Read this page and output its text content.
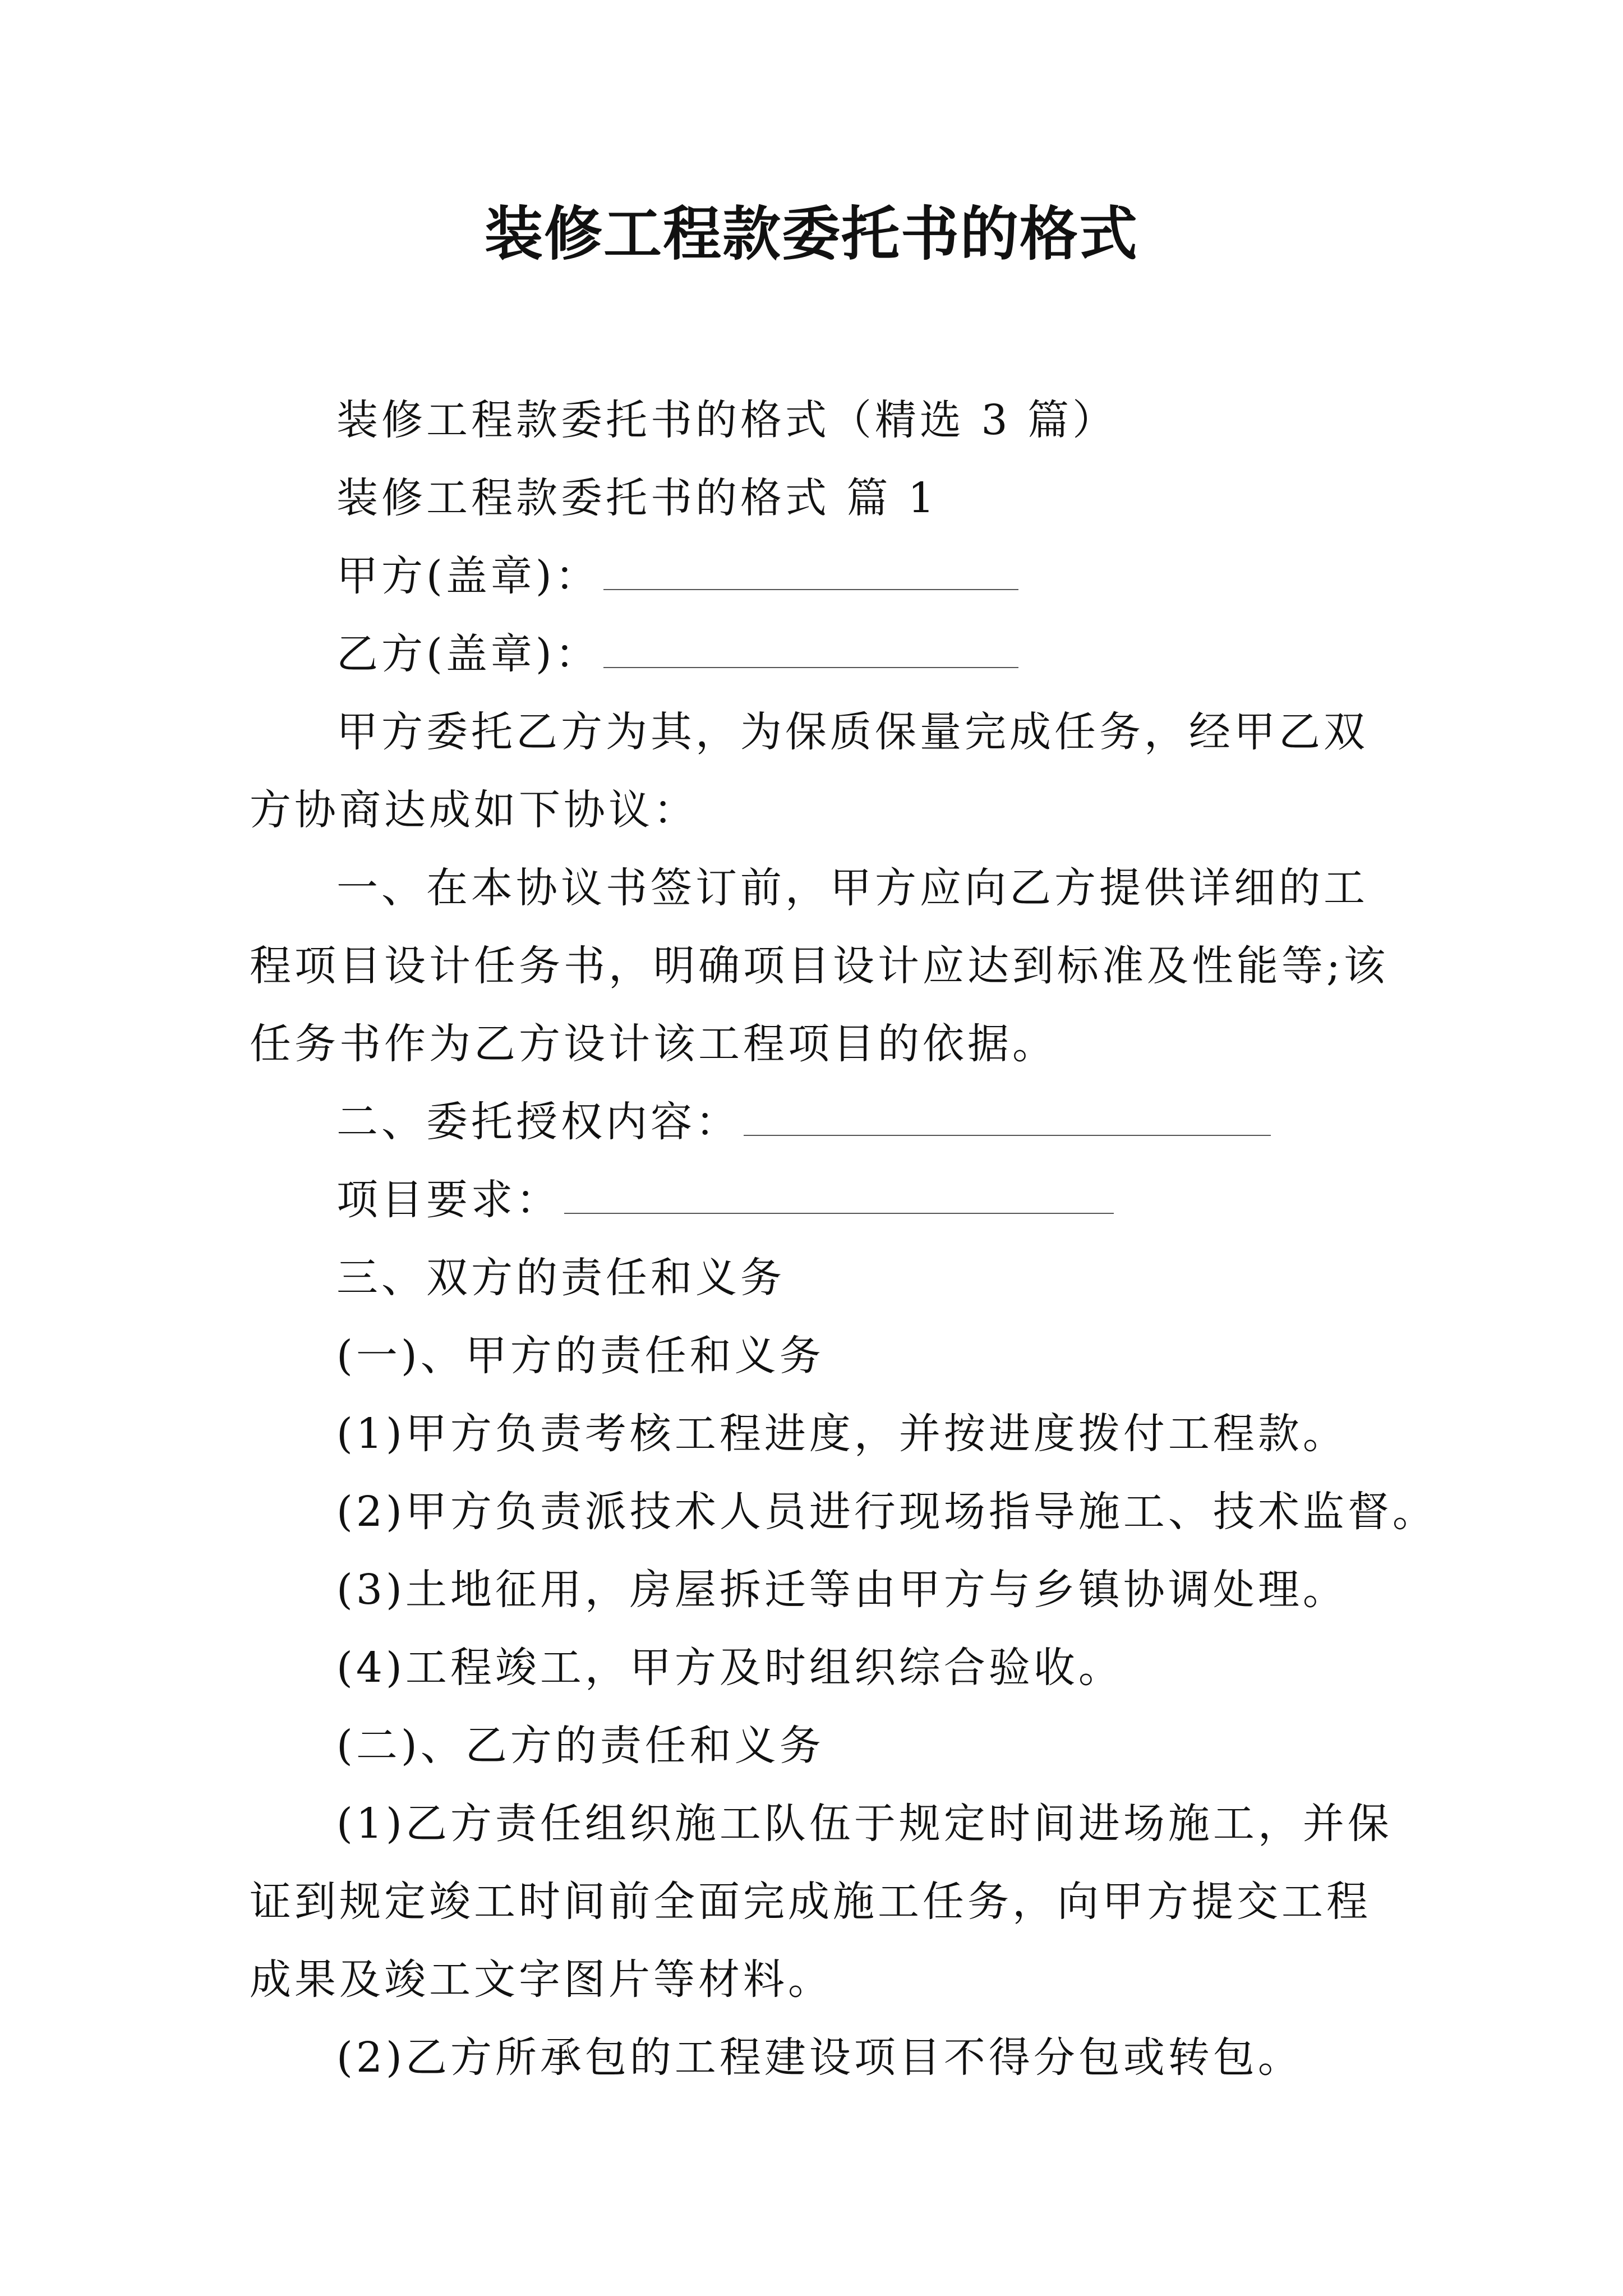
装修工程款委托书的格式

装修工程款委托书的格式（精选 3 篇）

装修工程款委托书的格式 篇 1

甲方(盖章)：

乙方(盖章)：

甲方委托乙方为其，为保质保量完成任务，经甲乙双方协商达成如下协议：

一、在本协议书签订前，甲方应向乙方提供详细的工程项目设计任务书，明确项目设计应达到标准及性能等;该任务书作为乙方设计该工程项目的依据。

二、委托授权内容：

项目要求：

三、双方的责任和义务

(一)、甲方的责任和义务

(1)甲方负责考核工程进度，并按进度拨付工程款。

(2)甲方负责派技术人员进行现场指导施工、技术监督。

(3)土地征用，房屋拆迁等由甲方与乡镇协调处理。

(4)工程竣工，甲方及时组织综合验收。

(二)、乙方的责任和义务

(1)乙方责任组织施工队伍于规定时间进场施工，并保证到规定竣工时间前全面完成施工任务，向甲方提交工程成果及竣工文字图片等材料。

(2)乙方所承包的工程建设项目不得分包或转包。
